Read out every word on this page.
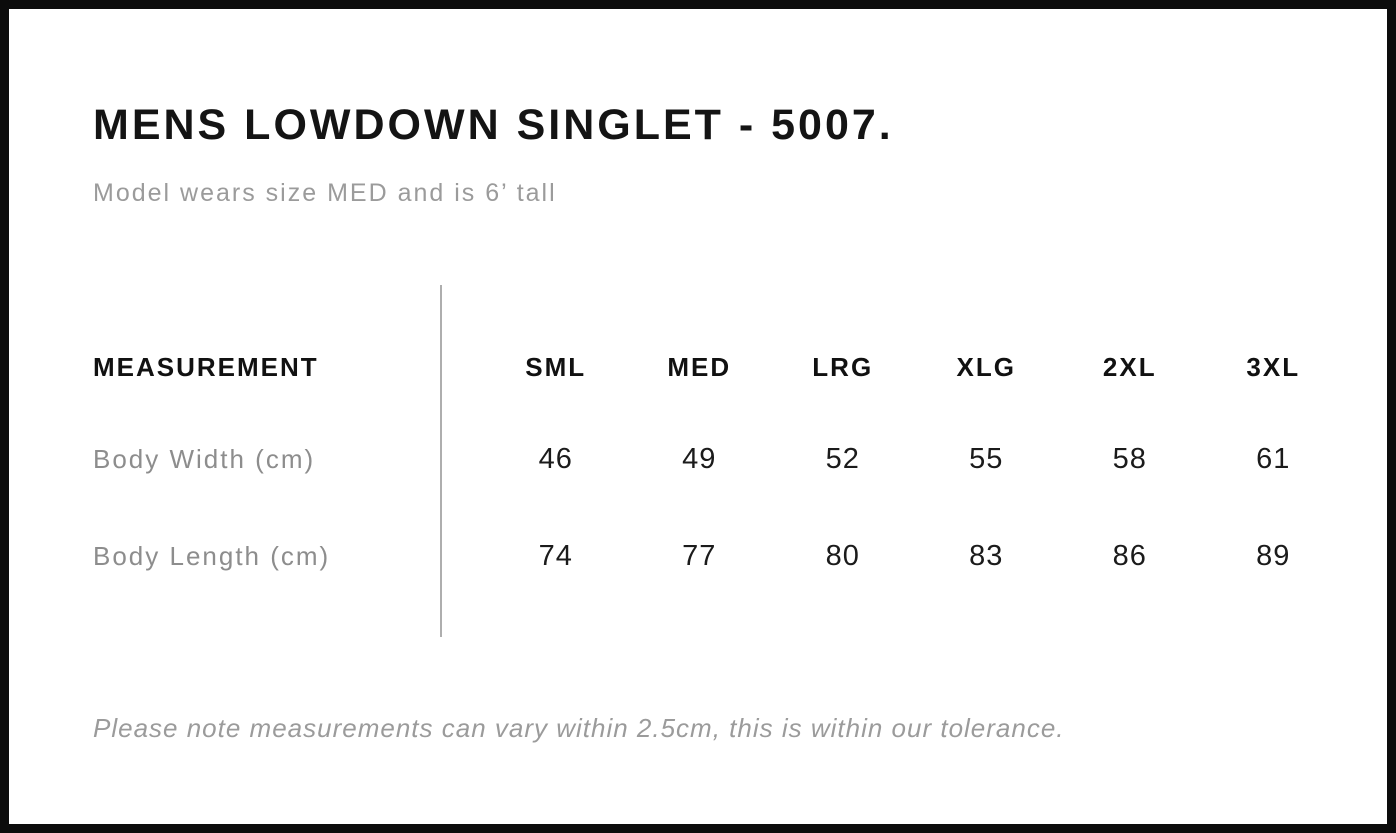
MENS LOWDOWN SINGLET - 5007.
Model wears size MED and is 6’ tall
MEASUREMENT	SML	MED	LRG	XLG	2XL	3XL
Body Width (cm)	46	49	52	55	58	61
Body Length (cm)	74	77	80	83	86	89
Please note measurements can vary within 2.5cm, this is within our tolerance.
